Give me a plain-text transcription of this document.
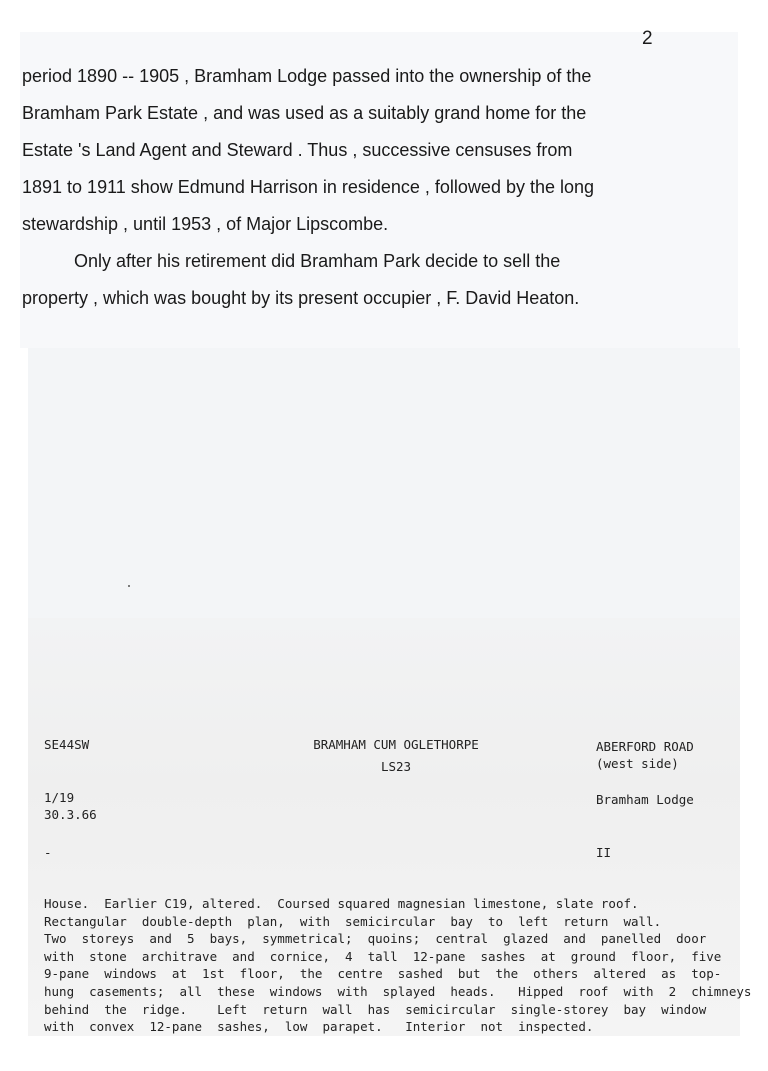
2
period 1890 -- 1905 , Bramham Lodge passed into the ownership of the
Bramham Park Estate , and was used as a suitably grand home for the
Estate 's Land Agent and Steward . Thus , successive censuses from
1891 to 1911 show Edmund Harrison in residence , followed by the long
stewardship , until 1953 , of Major Lipscombe.
Only after his retirement did Bramham Park decide to sell the
property , which was bought by its present occupier , F. David Heaton.
SE44SW	BRAMHAM CUM OGLETHORPE
LS23
ABERFORD ROAD
(west side)
1/19
30.3.66
Bramham Lodge
-	II
House.  Earlier C19, altered.  Coursed squared magnesian limestone, slate roof.
Rectangular  double-depth  plan,  with  semicircular  bay  to  left  return  wall.
Two  storeys  and  5  bays,  symmetrical;  quoins;  central  glazed  and  panelled  door
with  stone  architrave  and  cornice,  4  tall  12-pane  sashes  at  ground  floor,  five
9-pane  windows  at  1st  floor,  the  centre  sashed  but  the  others  altered  as  top-
hung  casements;  all  these  windows  with  splayed  heads.   Hipped  roof  with  2  chimneys
behind  the  ridge.    Left  return  wall  has  semicircular  single-storey  bay  window
with  convex  12-pane  sashes,  low  parapet.   Interior  not  inspected.
